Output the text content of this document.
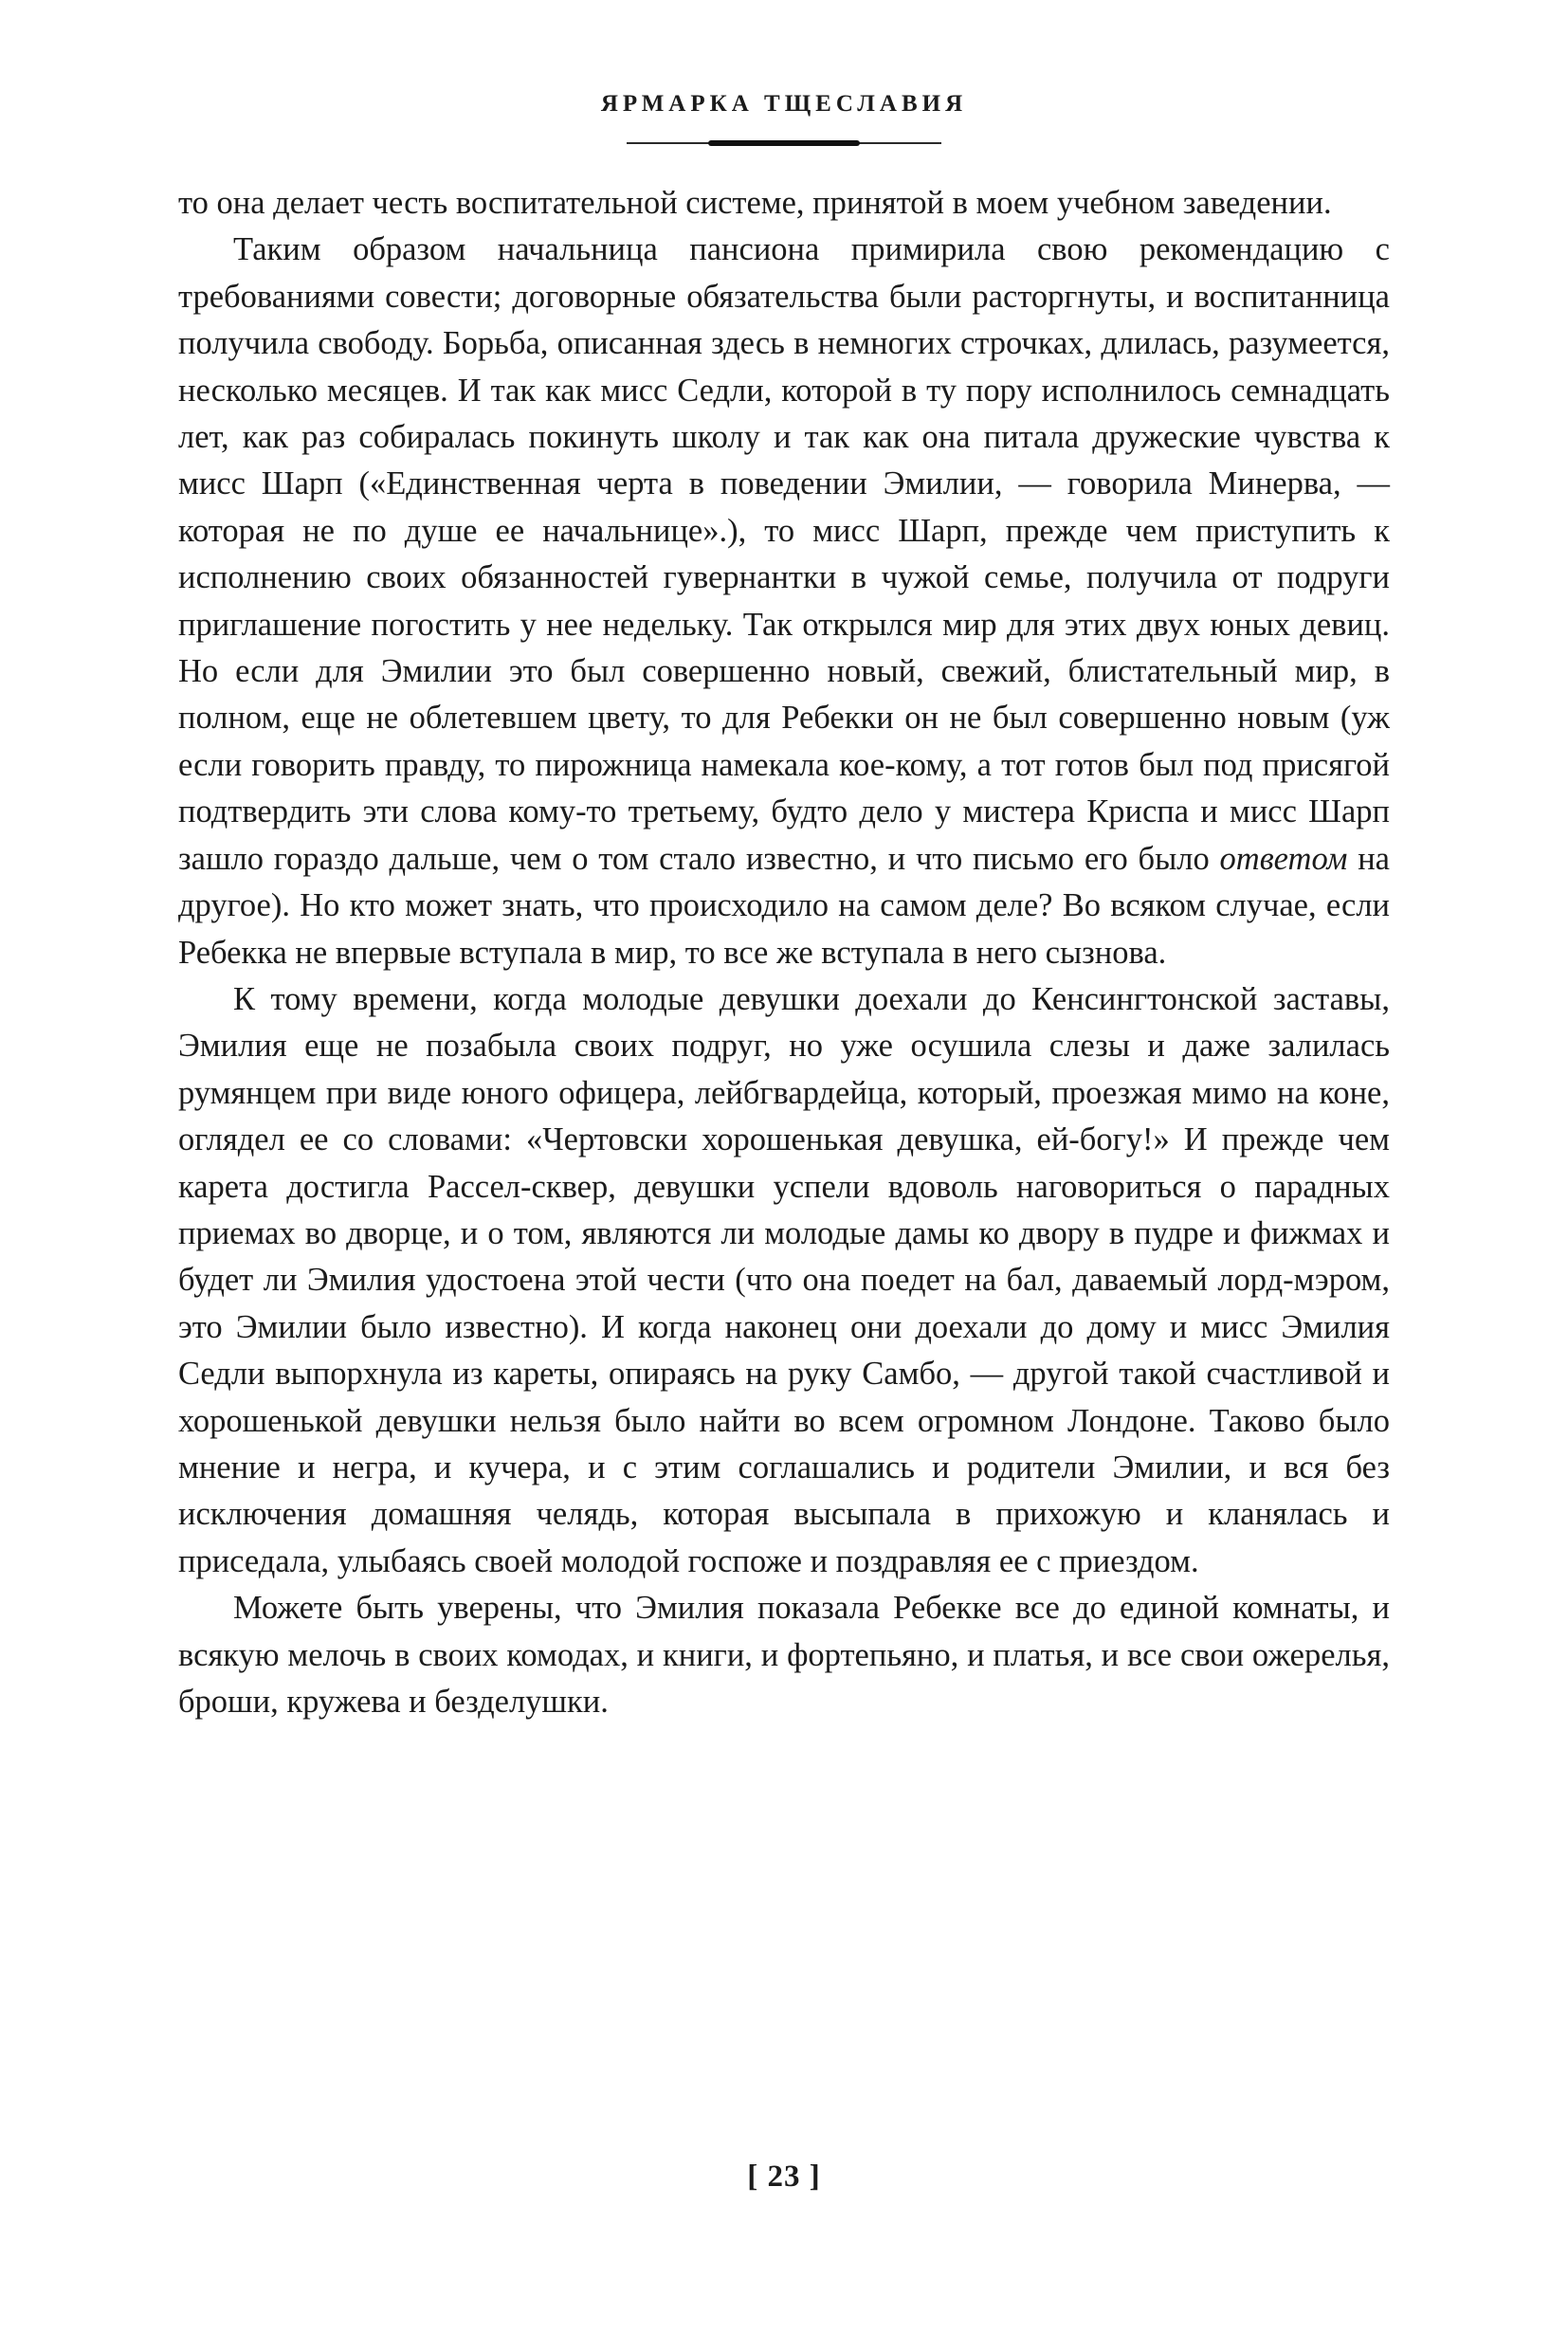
ЯРМАРКА ТЩЕСЛАВИЯ

то она делает честь воспитательной системе, принятой в моем учебном заведении.

Таким образом начальница пансиона примирила свою рекомендацию с требованиями совести; договорные обязательства были расторгнуты, и воспитанница получила свободу. Борьба, описанная здесь в немногих строчках, длилась, разумеется, несколько месяцев. И так как мисс Седли, которой в ту пору исполнилось семнадцать лет, как раз собиралась покинуть школу и так как она питала дружеские чувства к мисс Шарп («Единственная черта в поведении Эмилии, — говорила Минерва, — которая не по душе ее начальнице».), то мисс Шарп, прежде чем приступить к исполнению своих обязанностей гувернантки в чужой семье, получила от подруги приглашение погостить у нее недельку. Так открылся мир для этих двух юных девиц. Но если для Эмилии это был совершенно новый, свежий, блистательный мир, в полном, еще не облетевшем цвету, то для Ребекки он не был совершенно новым (уж если говорить правду, то пирожница намекала кое-кому, а тот готов был под присягой подтвердить эти слова кому-то третьему, будто дело у мистера Криспа и мисс Шарп зашло гораздо дальше, чем о том стало известно, и что письмо его было ответом на другое). Но кто может знать, что происходило на самом деле? Во всяком случае, если Ребекка не впервые вступала в мир, то все же вступала в него сызнова.

К тому времени, когда молодые девушки доехали до Кенсингтонской заставы, Эмилия еще не позабыла своих подруг, но уже осушила слезы и даже залилась румянцем при виде юного офицера, лейбгвардейца, который, проезжая мимо на коне, оглядел ее со словами: «Чертовски хорошенькая девушка, ей-богу!» И прежде чем карета достигла Рассел-сквер, девушки успели вдоволь наговориться о парадных приемах во дворце, и о том, являются ли молодые дамы ко двору в пудре и фижмах и будет ли Эмилия удостоена этой чести (что она поедет на бал, даваемый лорд-мэром, это Эмилии было известно). И когда наконец они доехали до дому и мисс Эмилия Седли выпорхнула из кареты, опираясь на руку Самбо, — другой такой счастливой и хорошенькой девушки нельзя было найти во всем огромном Лондоне. Таково было мнение и негра, и кучера, и с этим соглашались и родители Эмилии, и вся без исключения домашняя челядь, которая высыпала в прихожую и кланялась и приседала, улыбаясь своей молодой госпоже и поздравляя ее с приездом.

Можете быть уверены, что Эмилия показала Ребекке все до единой комнаты, и всякую мелочь в своих комодах, и книги, и фортепьяно, и платья, и все свои ожерелья, броши, кружева и безделушки.

[ 23 ]
